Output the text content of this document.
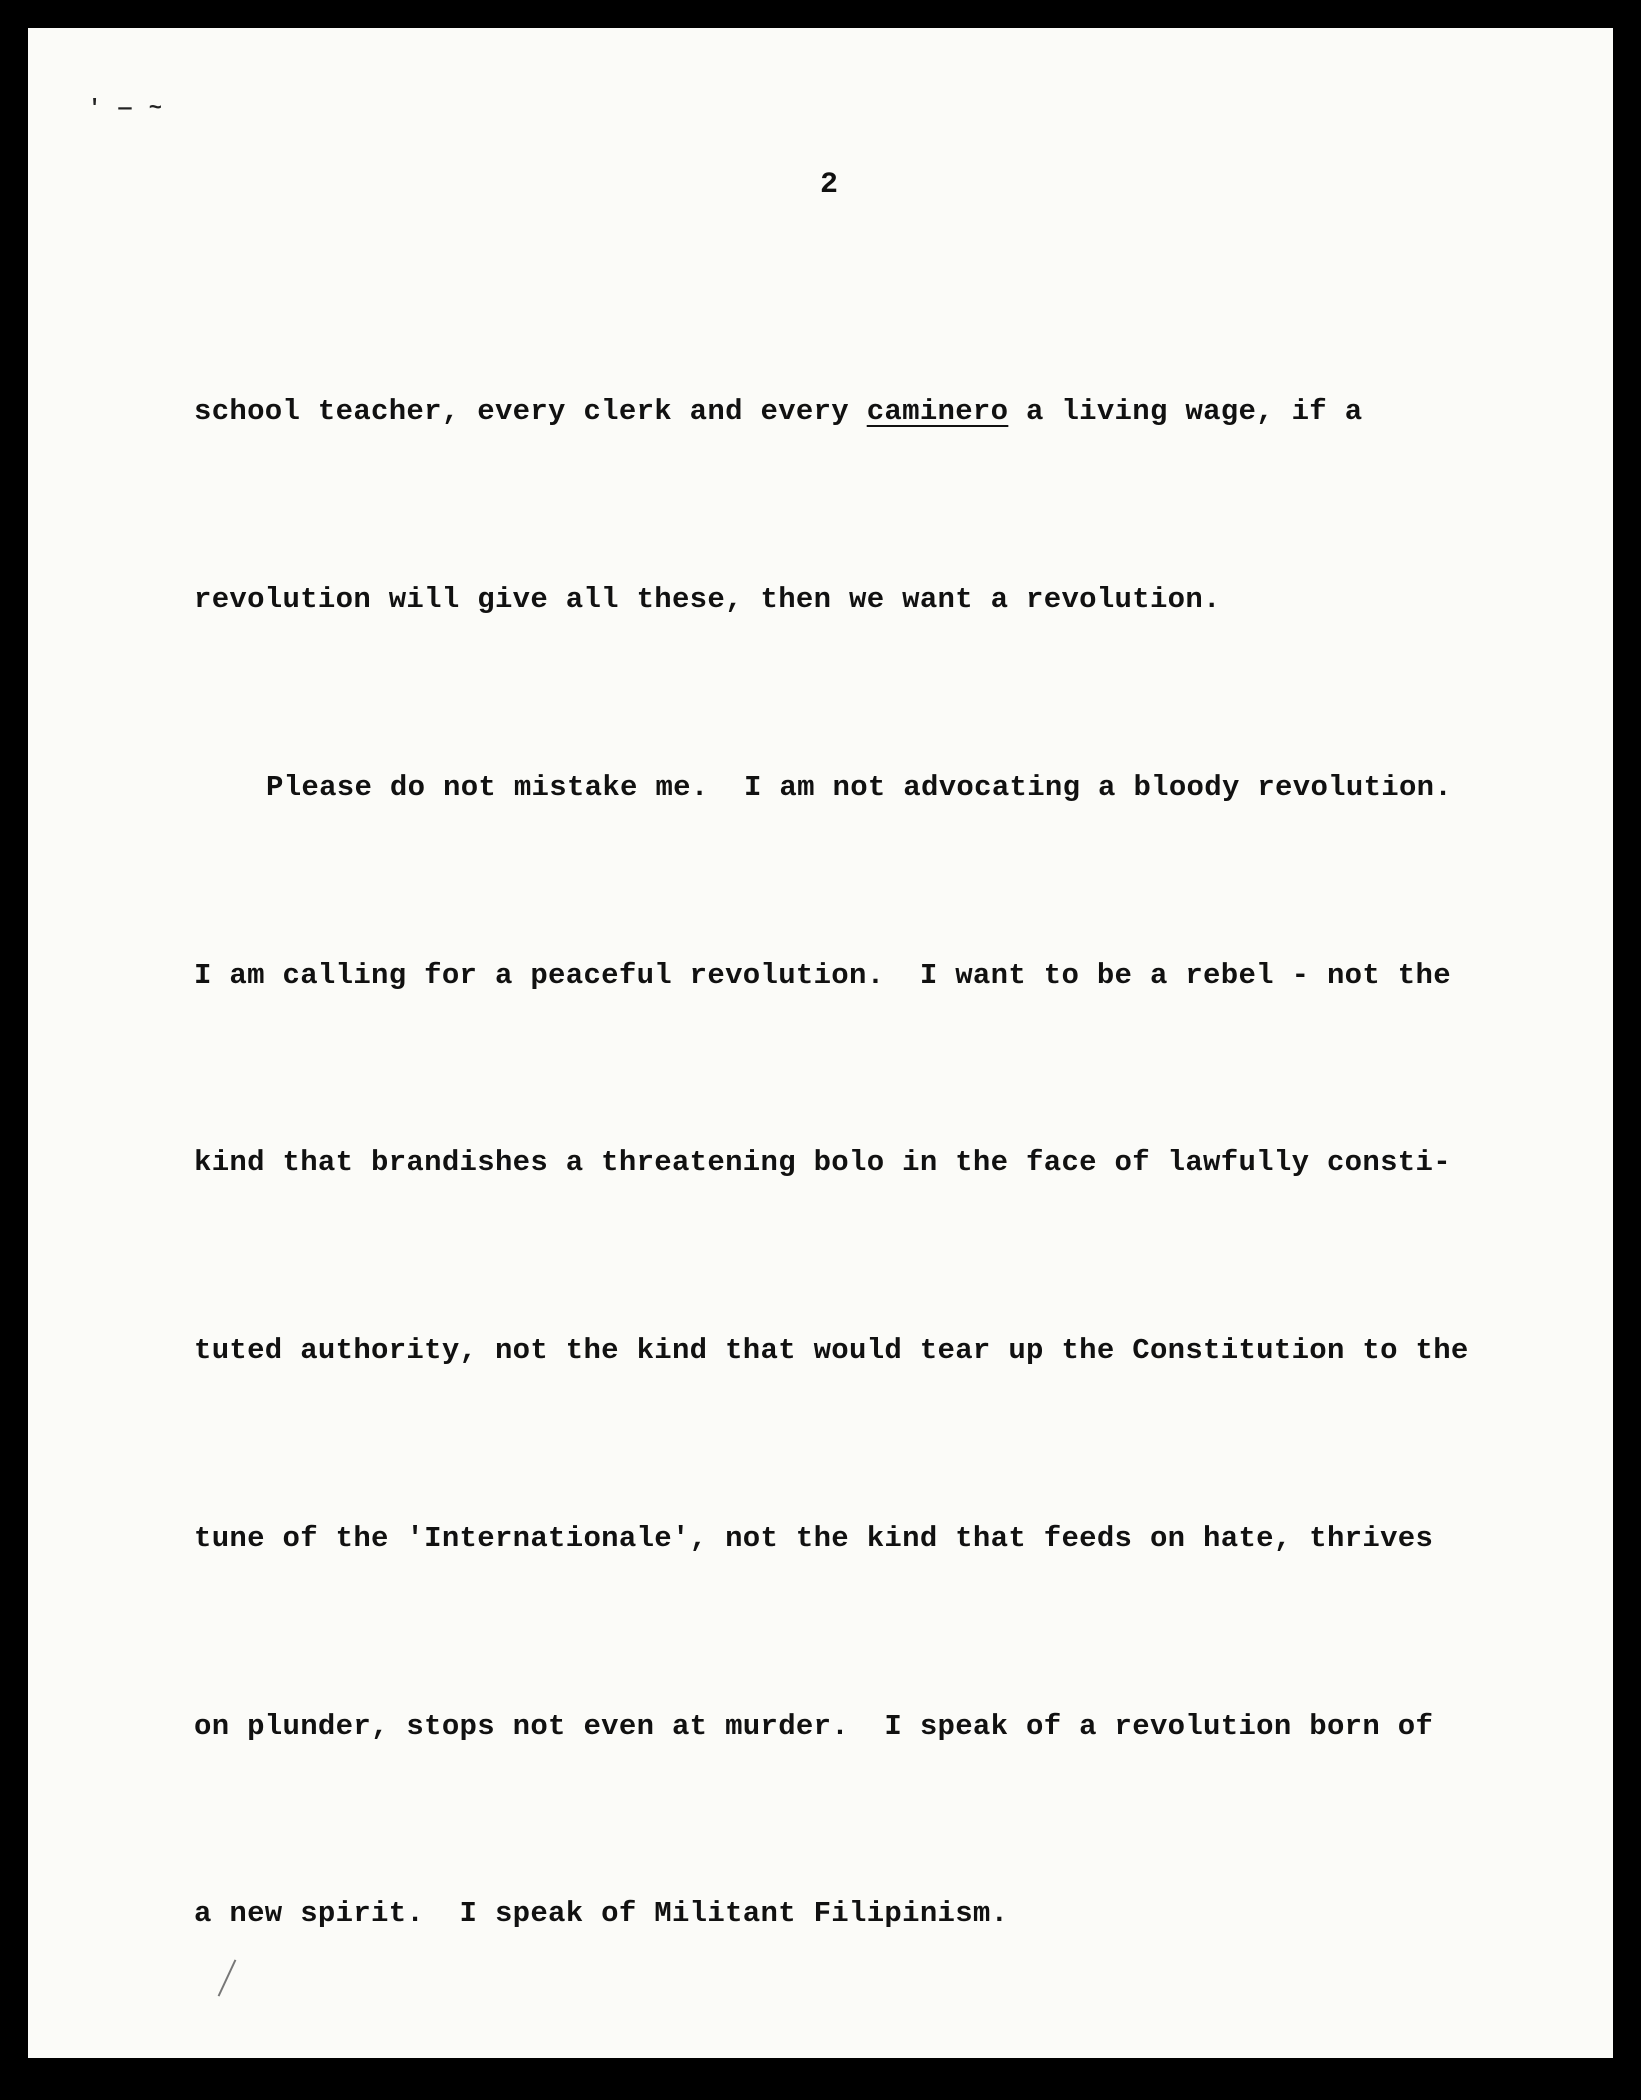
' — ~
2

school teacher, every clerk and every caminero a living wage, if a

revolution will give all these, then we want a revolution.

Please do not mistake me.  I am not advocating a bloody revolution.

I am calling for a peaceful revolution.  I want to be a rebel - not the

kind that brandishes a threatening bolo in the face of lawfully consti-

tuted authority, not the kind that would tear up the Constitution to the

tune of the 'Internationale', not the kind that feeds on hate, thrives

on plunder, stops not even at murder.  I speak of a revolution born of

a new spirit.  I speak of Militant Filipinism.
